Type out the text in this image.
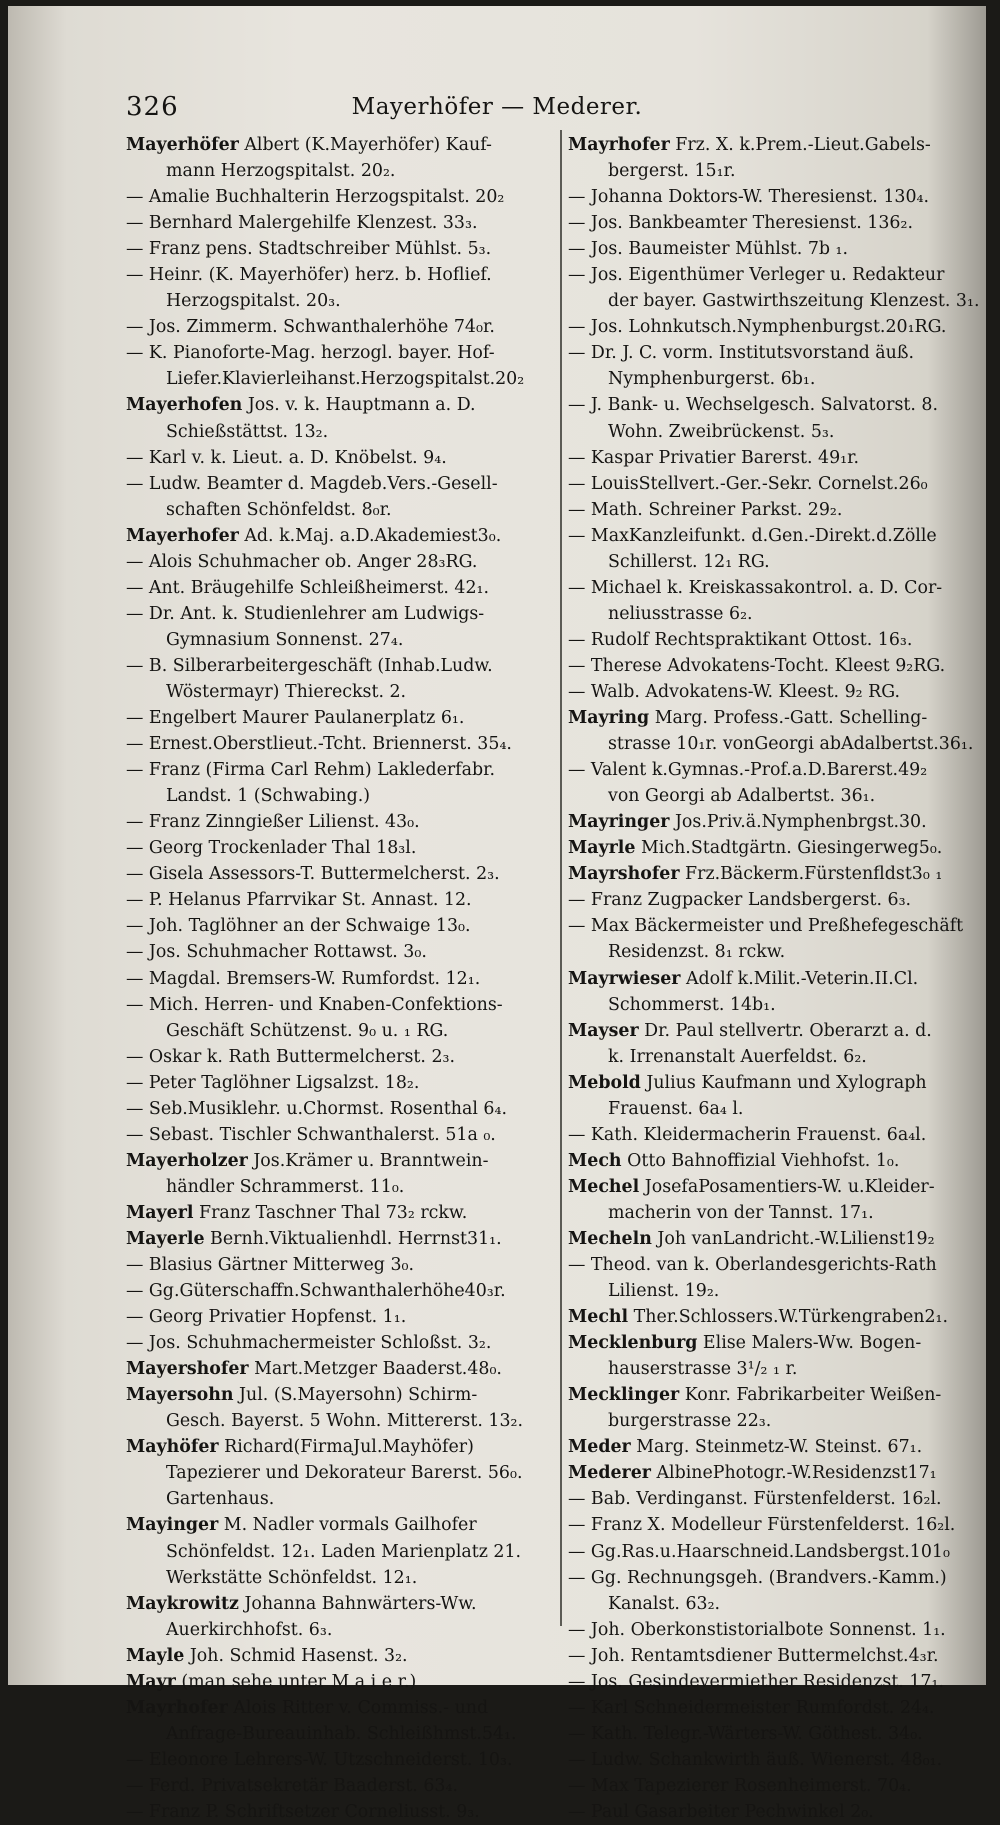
326	Mayerhöfer — Mederer.
Mayerhöfer Albert (K.Mayerhöfer) Kauf-
mann Herzogspitalst. 20₂.
— Amalie Buchhalterin Herzogspitalst. 20₂
— Bernhard Malergehilfe Klenzest. 33₃.
— Franz pens. Stadtschreiber Mühlst. 5₃.
— Heinr. (K. Mayerhöfer) herz. b. Hoflief.
Herzogspitalst. 20₃.
— Jos. Zimmerm. Schwanthalerhöhe 74₀r.
— K. Pianoforte-Mag. herzogl. bayer. Hof-
Liefer.Klavierleihanst.Herzogspitalst.20₂
Mayerhofen Jos. v. k. Hauptmann a. D.
Schießstättst. 13₂.
— Karl v. k. Lieut. a. D. Knöbelst. 9₄.
— Ludw. Beamter d. Magdeb.Vers.-Gesell-
schaften Schönfeldst. 8₀r.
Mayerhofer Ad. k.Maj. a.D.Akademiest3₀.
— Alois Schuhmacher ob. Anger 28₃RG.
— Ant. Bräugehilfe Schleißheimerst. 42₁.
— Dr. Ant. k. Studienlehrer am Ludwigs-
Gymnasium Sonnenst. 27₄.
— B. Silberarbeitergeschäft (Inhab.Ludw.
Wöstermayr) Thiereckst. 2.
— Engelbert Maurer Paulanerplatz 6₁.
— Ernest.Oberstlieut.-Tcht. Briennerst. 35₄.
— Franz (Firma Carl Rehm) Laklederfabr.
Landst. 1 (Schwabing.)
— Franz Zinngießer Lilienst. 43₀.
— Georg Trockenlader Thal 18₃l.
— Gisela Assessors-T. Buttermelcherst. 2₃.
— P. Helanus Pfarrvikar St. Annast. 12.
— Joh. Taglöhner an der Schwaige 13₀.
— Jos. Schuhmacher Rottawst. 3₀.
— Magdal. Bremsers-W. Rumfordst. 12₁.
— Mich. Herren- und Knaben-Confektions-
Geschäft Schützenst. 9₀ u. ₁ RG.
— Oskar k. Rath Buttermelcherst. 2₃.
— Peter Taglöhner Ligsalzst. 18₂.
— Seb.Musiklehr. u.Chormst. Rosenthal 6₄.
— Sebast. Tischler Schwanthalerst. 51a ₀.
Mayerholzer Jos.Krämer u. Branntwein-
händler Schrammerst. 11₀.
Mayerl Franz Taschner Thal 73₂ rckw.
Mayerle Bernh.Viktualienhdl. Herrnst31₁.
— Blasius Gärtner Mitterweg 3₀.
— Gg.Güterschaffn.Schwanthalerhöhe40₃r.
— Georg Privatier Hopfenst. 1₁.
— Jos. Schuhmachermeister Schloßst. 3₂.
Mayershofer Mart.Metzger Baaderst.48₀.
Mayersohn Jul. (S.Mayersohn) Schirm-
Gesch. Bayerst. 5 Wohn. Mittererst. 13₂.
Mayhöfer Richard(FirmaJul.Mayhöfer)
Tapezierer und Dekorateur Barerst. 56₀.
Gartenhaus.
Mayinger M. Nadler vormals Gailhofer
Schönfeldst. 12₁. Laden Marienplatz 21.
Werkstätte Schönfeldst. 12₁.
Maykrowitz Johanna Bahnwärters-Ww.
Auerkirchhofst. 6₃.
Mayle Joh. Schmid Hasenst. 3₂.
Mayr (man sehe unter M a i e r.)
Mayrhofer Alois Ritter v. Commiss.- und
Anfrage-Bureauinhab. Schleißhmst.54₁.
— Eleonore Lehrers-W. Utzschneiderst. 10₃.
— Ferd. Privatsekretär Baaderst. 63₄.
— Franz P. Schriftsetzer Corneliusst. 9₃.
Mayrhofer Frz. X. k.Prem.-Lieut.Gabels-
bergerst. 15₁r.
— Johanna Doktors-W. Theresienst. 130₄.
— Jos. Bankbeamter Theresienst. 136₂.
— Jos. Baumeister Mühlst. 7b ₁.
— Jos. Eigenthümer Verleger u. Redakteur
der bayer. Gastwirthszeitung Klenzest. 3₁.
— Jos. Lohnkutsch.Nymphenburgst.20₁RG.
— Dr. J. C. vorm. Institutsvorstand äuß.
Nymphenburgerst. 6b₁.
— J. Bank- u. Wechselgesch. Salvatorst. 8.
Wohn. Zweibrückenst. 5₃.
— Kaspar Privatier Barerst. 49₁r.
— LouisStellvert.-Ger.-Sekr. Cornelst.26₀
— Math. Schreiner Parkst. 29₂.
— MaxKanzleifunkt. d.Gen.-Direkt.d.Zölle
Schillerst. 12₁ RG.
— Michael k. Kreiskassakontrol. a. D. Cor-
neliusstrasse 6₂.
— Rudolf Rechtspraktikant Ottost. 16₃.
— Therese Advokatens-Tocht. Kleest 9₂RG.
— Walb. Advokatens-W. Kleest. 9₂ RG.
Mayring Marg. Profess.-Gatt. Schelling-
strasse 10₁r. vonGeorgi abAdalbertst.36₁.
— Valent k.Gymnas.-Prof.a.D.Barerst.49₂
von Georgi ab Adalbertst. 36₁.
Mayringer Jos.Priv.ä.Nymphenbrgst.30.
Mayrle Mich.Stadtgärtn. Giesingerweg5₀.
Mayrshofer Frz.Bäckerm.Fürstenfldst3₀ ₁
— Franz Zugpacker Landsbergerst. 6₃.
— Max Bäckermeister und Preßhefegeschäft
Residenzst. 8₁ rckw.
Mayrwieser Adolf k.Milit.-Veterin.II.Cl.
Schommerst. 14b₁.
Mayser Dr. Paul stellvertr. Oberarzt a. d.
k. Irrenanstalt Auerfeldst. 6₂.
Mebold Julius Kaufmann und Xylograph
Frauenst. 6a₄ l.
— Kath. Kleidermacherin Frauenst. 6a₄l.
Mech Otto Bahnoffizial Viehhofst. 1₀.
Mechel JosefaPosamentiers-W. u.Kleider-
macherin von der Tannst. 17₁.
Mecheln Joh vanLandricht.-W.Lilienst19₂
— Theod. van k. Oberlandesgerichts-Rath
Lilienst. 19₂.
Mechl Ther.Schlossers.W.Türkengraben2₁.
Mecklenburg Elise Malers-Ww. Bogen-
hauserstrasse 3¹/₂ ₁ r.
Mecklinger Konr. Fabrikarbeiter Weißen-
burgerstrasse 22₃.
Meder Marg. Steinmetz-W. Steinst. 67₁.
Mederer AlbinePhotogr.-W.Residenzst17₁
— Bab. Verdinganst. Fürstenfelderst. 16₂l.
— Franz X. Modelleur Fürstenfelderst. 16₂l.
— Gg.Ras.u.Haarschneid.Landsbergst.101₀
— Gg. Rechnungsgeh. (Brandvers.-Kamm.)
Kanalst. 63₂.
— Joh. Oberkonstistorialbote Sonnenst. 1₁.
— Joh. Rentamtsdiener Buttermelchst.4₃r.
— Jos. Gesindevermiether Residenzst. 17₁.
— Karl Schneidermeister Rumfordst. 24₄.
— Kath. Telegr.-Wärters-W. Göthest. 34₀.
— Ludw. Schankwirth äuß. Wienerst. 48₀₁.
— Max Tapezierer Rosenheimerst. 70₄.
— Paul Gasarbeiter Pechwinkel 2₀.
